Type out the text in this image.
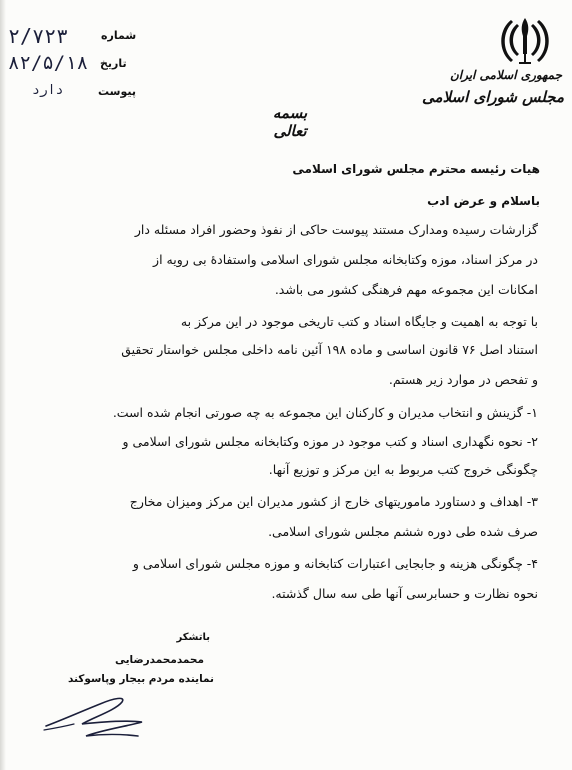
شماره
۲/۷۲۳
تاریخ
۸۲/۵/۱۸
پیوست
دارد
جمهوری اسلامی ایران
مجلس شورای اسلامی
بسمه تعالی
هیات رئیسه محترم مجلس شورای اسلامی
باسلام و عرض ادب
گزارشات رسیده ومدارک مستند پیوست حاکی از نفوذ وحضور افراد مسئله دار
در مرکز اسناد، موزه وکتابخانه مجلس شورای اسلامی واستفادهٔ بی رویه از
امکانات این مجموعه مهم فرهنگی کشور می باشد.
با توجه به اهمیت و جایگاه اسناد و کتب تاریخی موجود در این مرکز به
استناد اصل ۷۶ قانون اساسی و ماده ۱۹۸ آئین نامه داخلی مجلس خواستار تحقیق
و تفحص در موارد زیر هستم.
۱- گزینش و انتخاب مدیران و کارکنان این مجموعه به چه صورتی انجام شده است.
۲- نحوه نگهداری اسناد و کتب موجود در موزه وکتابخانه مجلس شورای اسلامی و
چگونگی خروج کتب مربوط به این مرکز و توزیع آنها.
۳- اهداف و دستاورد ماموریتهای خارج از کشور مدیران این مرکز ومیزان مخارج
صرف شده طی دوره ششم مجلس شورای اسلامی.
۴- چگونگی هزینه و جابجایی اعتبارات کتابخانه و موزه مجلس شورای اسلامی و
نحوه نظارت و حسابرسی آنها طی سه سال گذشته.
باتشکر
محمدمحمدرضایی
نماینده مردم بیجار وپاسوکند
